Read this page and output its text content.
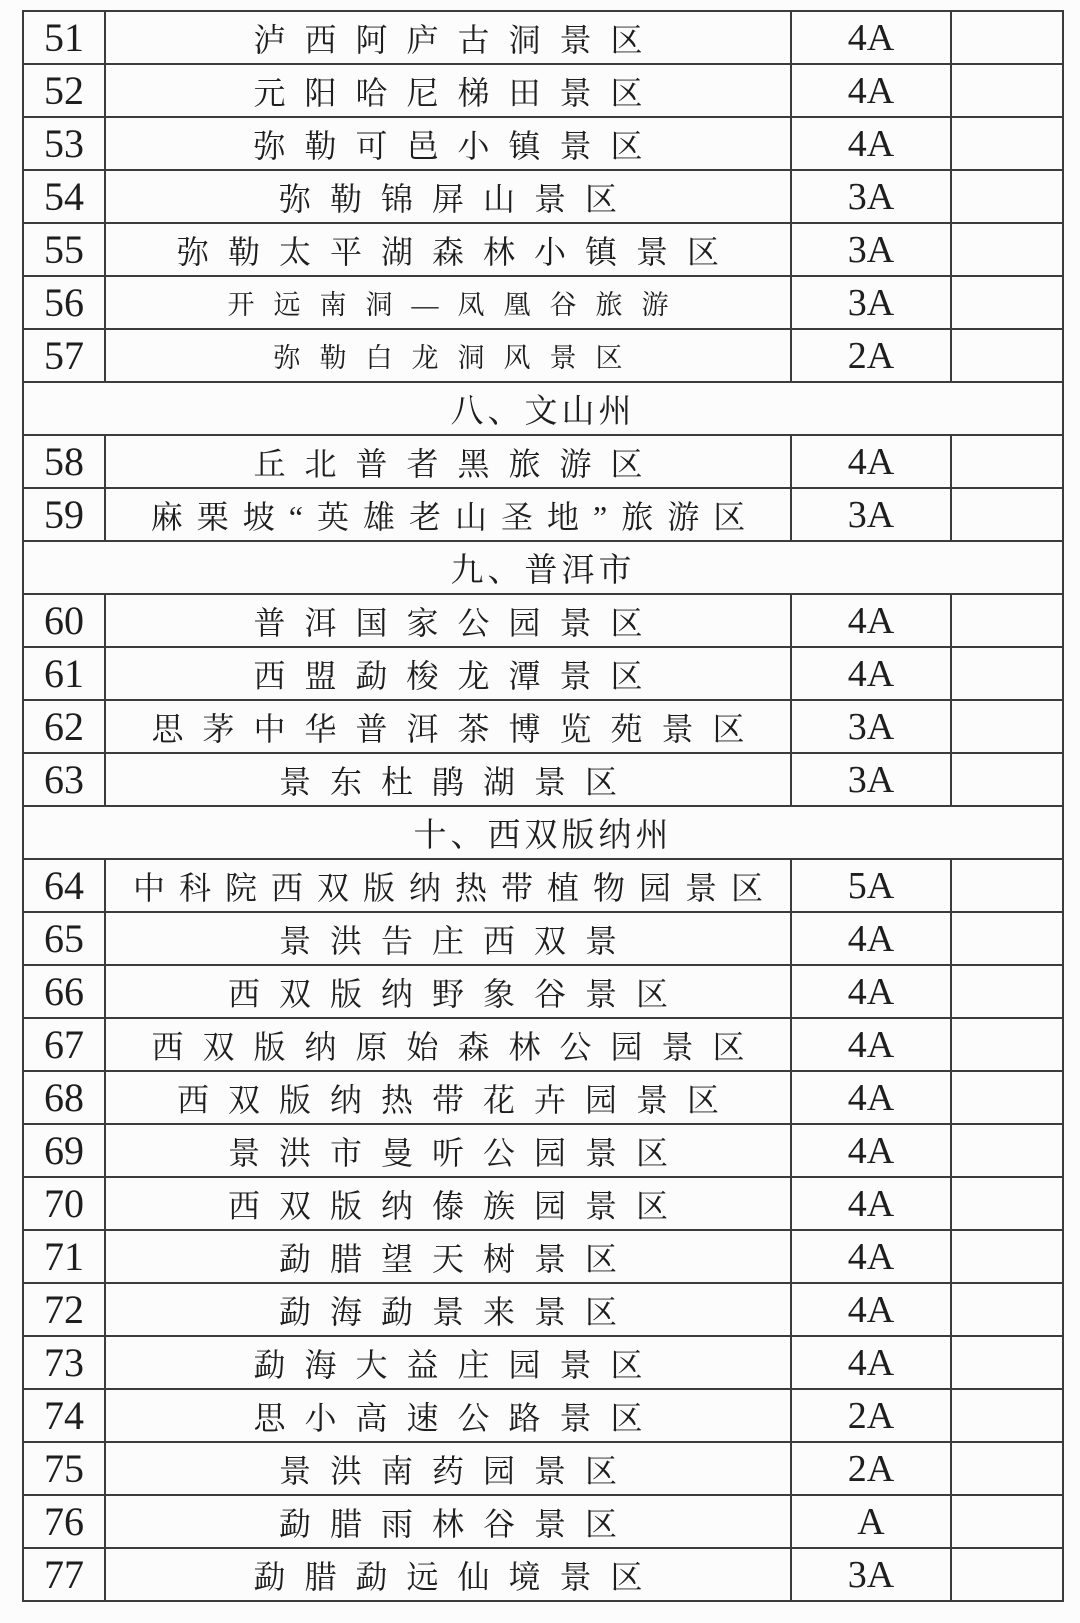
51	泸西阿庐古洞景区	4A	
52	元阳哈尼梯田景区	4A	
53	弥勒可邑小镇景区	4A	
54	弥勒锦屏山景区	3A	
55	弥勒太平湖森林小镇景区	3A	
56	开远南洞—凤凰谷旅游	3A	
57	弥勒白龙洞风景区	2A	
八、文山州			
58	丘北普者黑旅游区	4A	
59	麻栗坡“英雄老山圣地”旅游区	3A	
九、普洱市			
60	普洱国家公园景区	4A	
61	西盟勐梭龙潭景区	4A	
62	思茅中华普洱茶博览苑景区	3A	
63	景东杜鹃湖景区	3A	
十、西双版纳州			
64	中科院西双版纳热带植物园景区	5A	
65	景洪告庄西双景	4A	
66	西双版纳野象谷景区	4A	
67	西双版纳原始森林公园景区	4A	
68	西双版纳热带花卉园景区	4A	
69	景洪市曼听公园景区	4A	
70	西双版纳傣族园景区	4A	
71	勐腊望天树景区	4A	
72	勐海勐景来景区	4A	
73	勐海大益庄园景区	4A	
74	思小高速公路景区	2A	
75	景洪南药园景区	2A	
76	勐腊雨林谷景区	A	
77	勐腊勐远仙境景区	3A	
